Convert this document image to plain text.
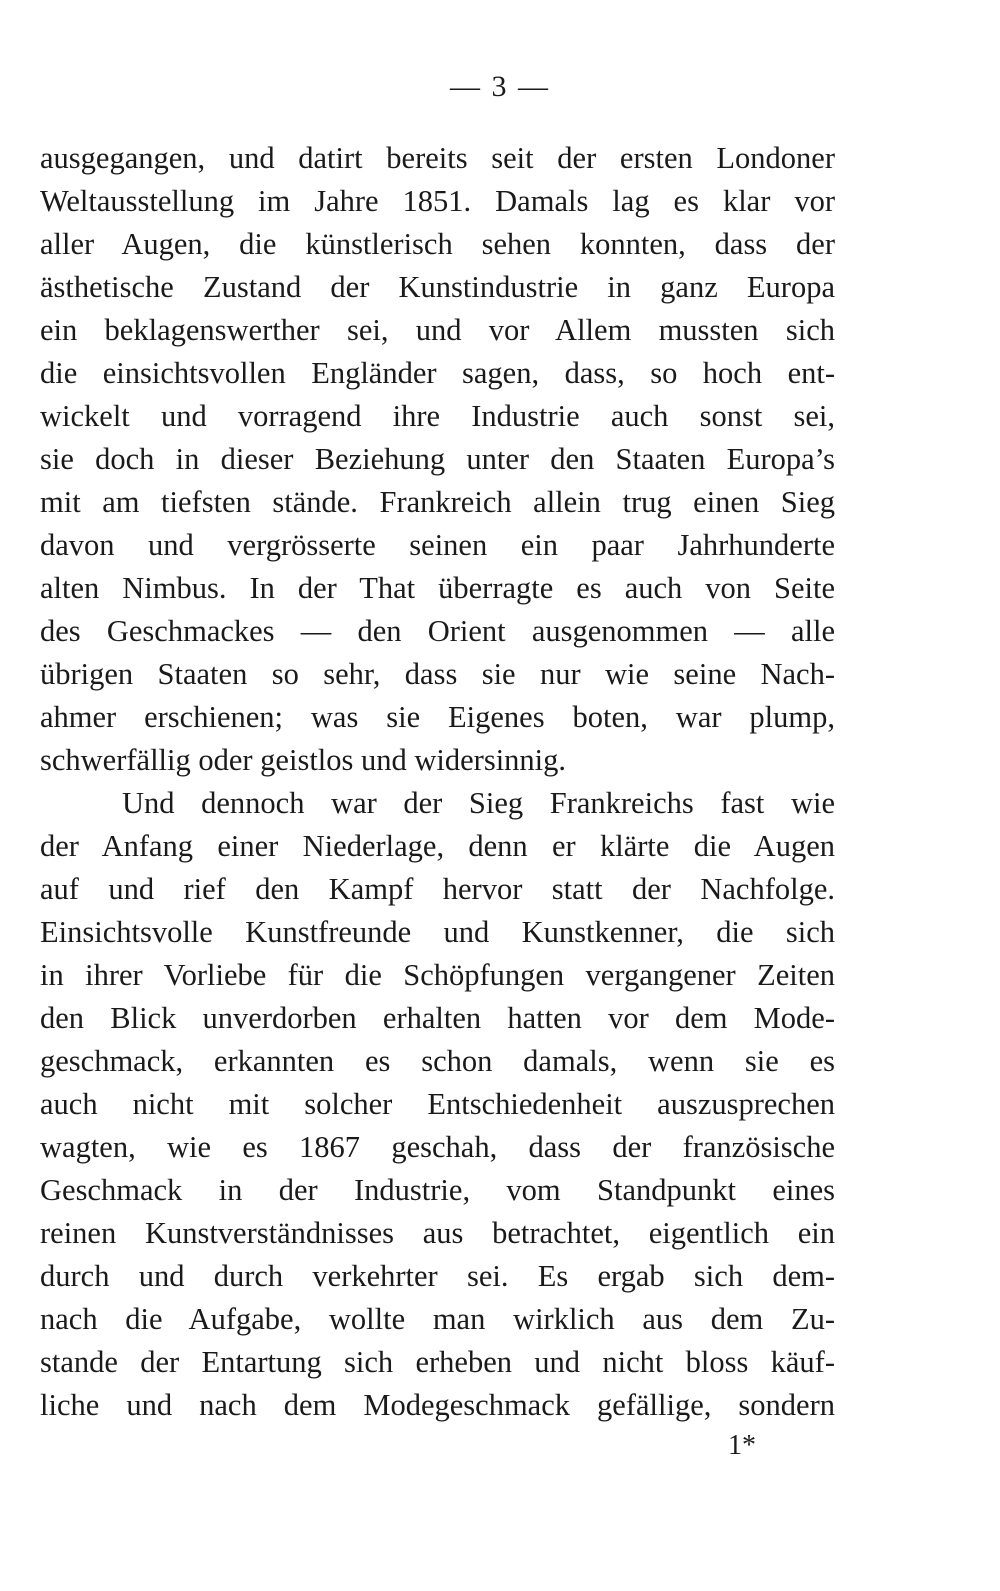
— 3 —
ausgegangen, und datirt bereits seit der ersten Londoner
Weltausstellung im Jahre 1851. Damals lag es klar vor
aller Augen, die künstlerisch sehen konnten, dass der
ästhetische Zustand der Kunstindustrie in ganz Europa
ein beklagenswerther sei, und vor Allem mussten sich
die einsichtsvollen Engländer sagen, dass, so hoch ent-
wickelt und vorragend ihre Industrie auch sonst sei,
sie doch in dieser Beziehung unter den Staaten Europa’s
mit am tiefsten stände. Frankreich allein trug einen Sieg
davon und vergrösserte seinen ein paar Jahrhunderte
alten Nimbus. In der That überragte es auch von Seite
des Geschmackes — den Orient ausgenommen — alle
übrigen Staaten so sehr, dass sie nur wie seine Nach-
ahmer erschienen; was sie Eigenes boten, war plump,
schwerfällig oder geistlos und widersinnig.
Und dennoch war der Sieg Frankreichs fast wie
der Anfang einer Niederlage, denn er klärte die Augen
auf und rief den Kampf hervor statt der Nachfolge.
Einsichtsvolle Kunstfreunde und Kunstkenner, die sich
in ihrer Vorliebe für die Schöpfungen vergangener Zeiten
den Blick unverdorben erhalten hatten vor dem Mode-
geschmack, erkannten es schon damals, wenn sie es
auch nicht mit solcher Entschiedenheit auszusprechen
wagten, wie es 1867 geschah, dass der französische
Geschmack in der Industrie, vom Standpunkt eines
reinen Kunstverständnisses aus betrachtet, eigentlich ein
durch und durch verkehrter sei. Es ergab sich dem-
nach die Aufgabe, wollte man wirklich aus dem Zu-
stande der Entartung sich erheben und nicht bloss käuf-
liche und nach dem Modegeschmack gefällige, sondern
1*
